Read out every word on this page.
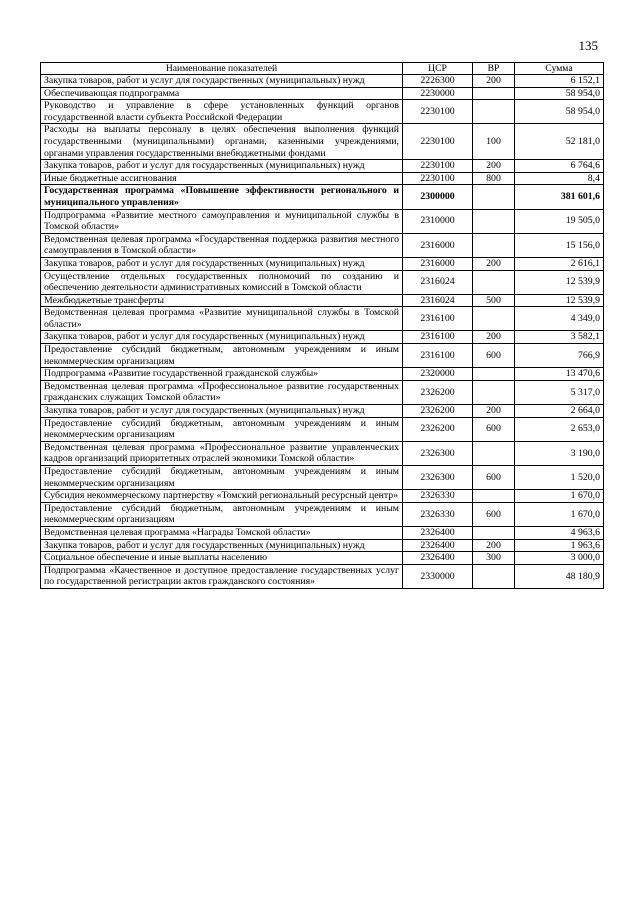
135
Наименование показателей	ЦСР	ВР	Сумма
Закупка товаров, работ и услуг для государственных (муниципальных) нужд	2226300	200	6 152,1
Обеспечивающая подпрограмма	2230000		58 954,0
Руководство и управление в сфере установленных функций органов государственной власти субъекта Российской Федерации	2230100		58 954,0
Расходы на выплаты персоналу в целях обеспечения выполнения функций государственными (муниципальными) органами, казенными учреждениями, органами управления государственными внебюджетными фондами	2230100	100	52 181,0
Закупка товаров, работ и услуг для государственных (муниципальных) нужд	2230100	200	6 764,6
Иные бюджетные ассигнования	2230100	800	8,4
Государственная программа «Повышение эффективности регионального и муниципального управления»	2300000		381 601,6
Подпрограмма «Развитие местного самоуправления и муниципальной службы в Томской области»	2310000		19 505,0
Ведомственная целевая программа «Государственная поддержка развития местного самоуправления в Томской области»	2316000		15 156,0
Закупка товаров, работ и услуг для государственных (муниципальных) нужд	2316000	200	2 616,1
Осуществление отдельных государственных полномочий по созданию и обеспечению деятельности административных комиссий в Томской области	2316024		12 539,9
Межбюджетные трансферты	2316024	500	12 539,9
Ведомственная целевая программа «Развитие муниципальной службы в Томской области»	2316100		4 349,0
Закупка товаров, работ и услуг для государственных (муниципальных) нужд	2316100	200	3 582,1
Предоставление субсидий бюджетным, автономным учреждениям и иным некоммерческим организациям	2316100	600	766,9
Подпрограмма «Развитие государственной гражданской службы»	2320000		13 470,6
Ведомственная целевая программа «Профессиональное развитие государственных гражданских служащих Томской области»	2326200		5 317,0
Закупка товаров, работ и услуг для государственных (муниципальных) нужд	2326200	200	2 664,0
Предоставление субсидий бюджетным, автономным учреждениям и иным некоммерческим организациям	2326200	600	2 653,0
Ведомственная целевая программа «Профессиональное развитие управленческих кадров организаций приоритетных отраслей экономики Томской области»	2326300		3 190,0
Предоставление субсидий бюджетным, автономным учреждениям и иным некоммерческим организациям	2326300	600	1 520,0
Субсидия некоммерческому партнерству «Томский региональный ресурсный центр»	2326330		1 670,0
Предоставление субсидий бюджетным, автономным учреждениям и иным некоммерческим организациям	2326330	600	1 670,0
Ведомственная целевая программа «Награды Томской области»	2326400		4 963,6
Закупка товаров, работ и услуг для государственных (муниципальных) нужд	2326400	200	1 963,6
Социальное обеспечение и иные выплаты населению	2326400	300	3 000,0
Подпрограмма «Качественное и доступное предоставление государственных услуг по государственной регистрации актов гражданского состояния»	2330000		48 180,9
